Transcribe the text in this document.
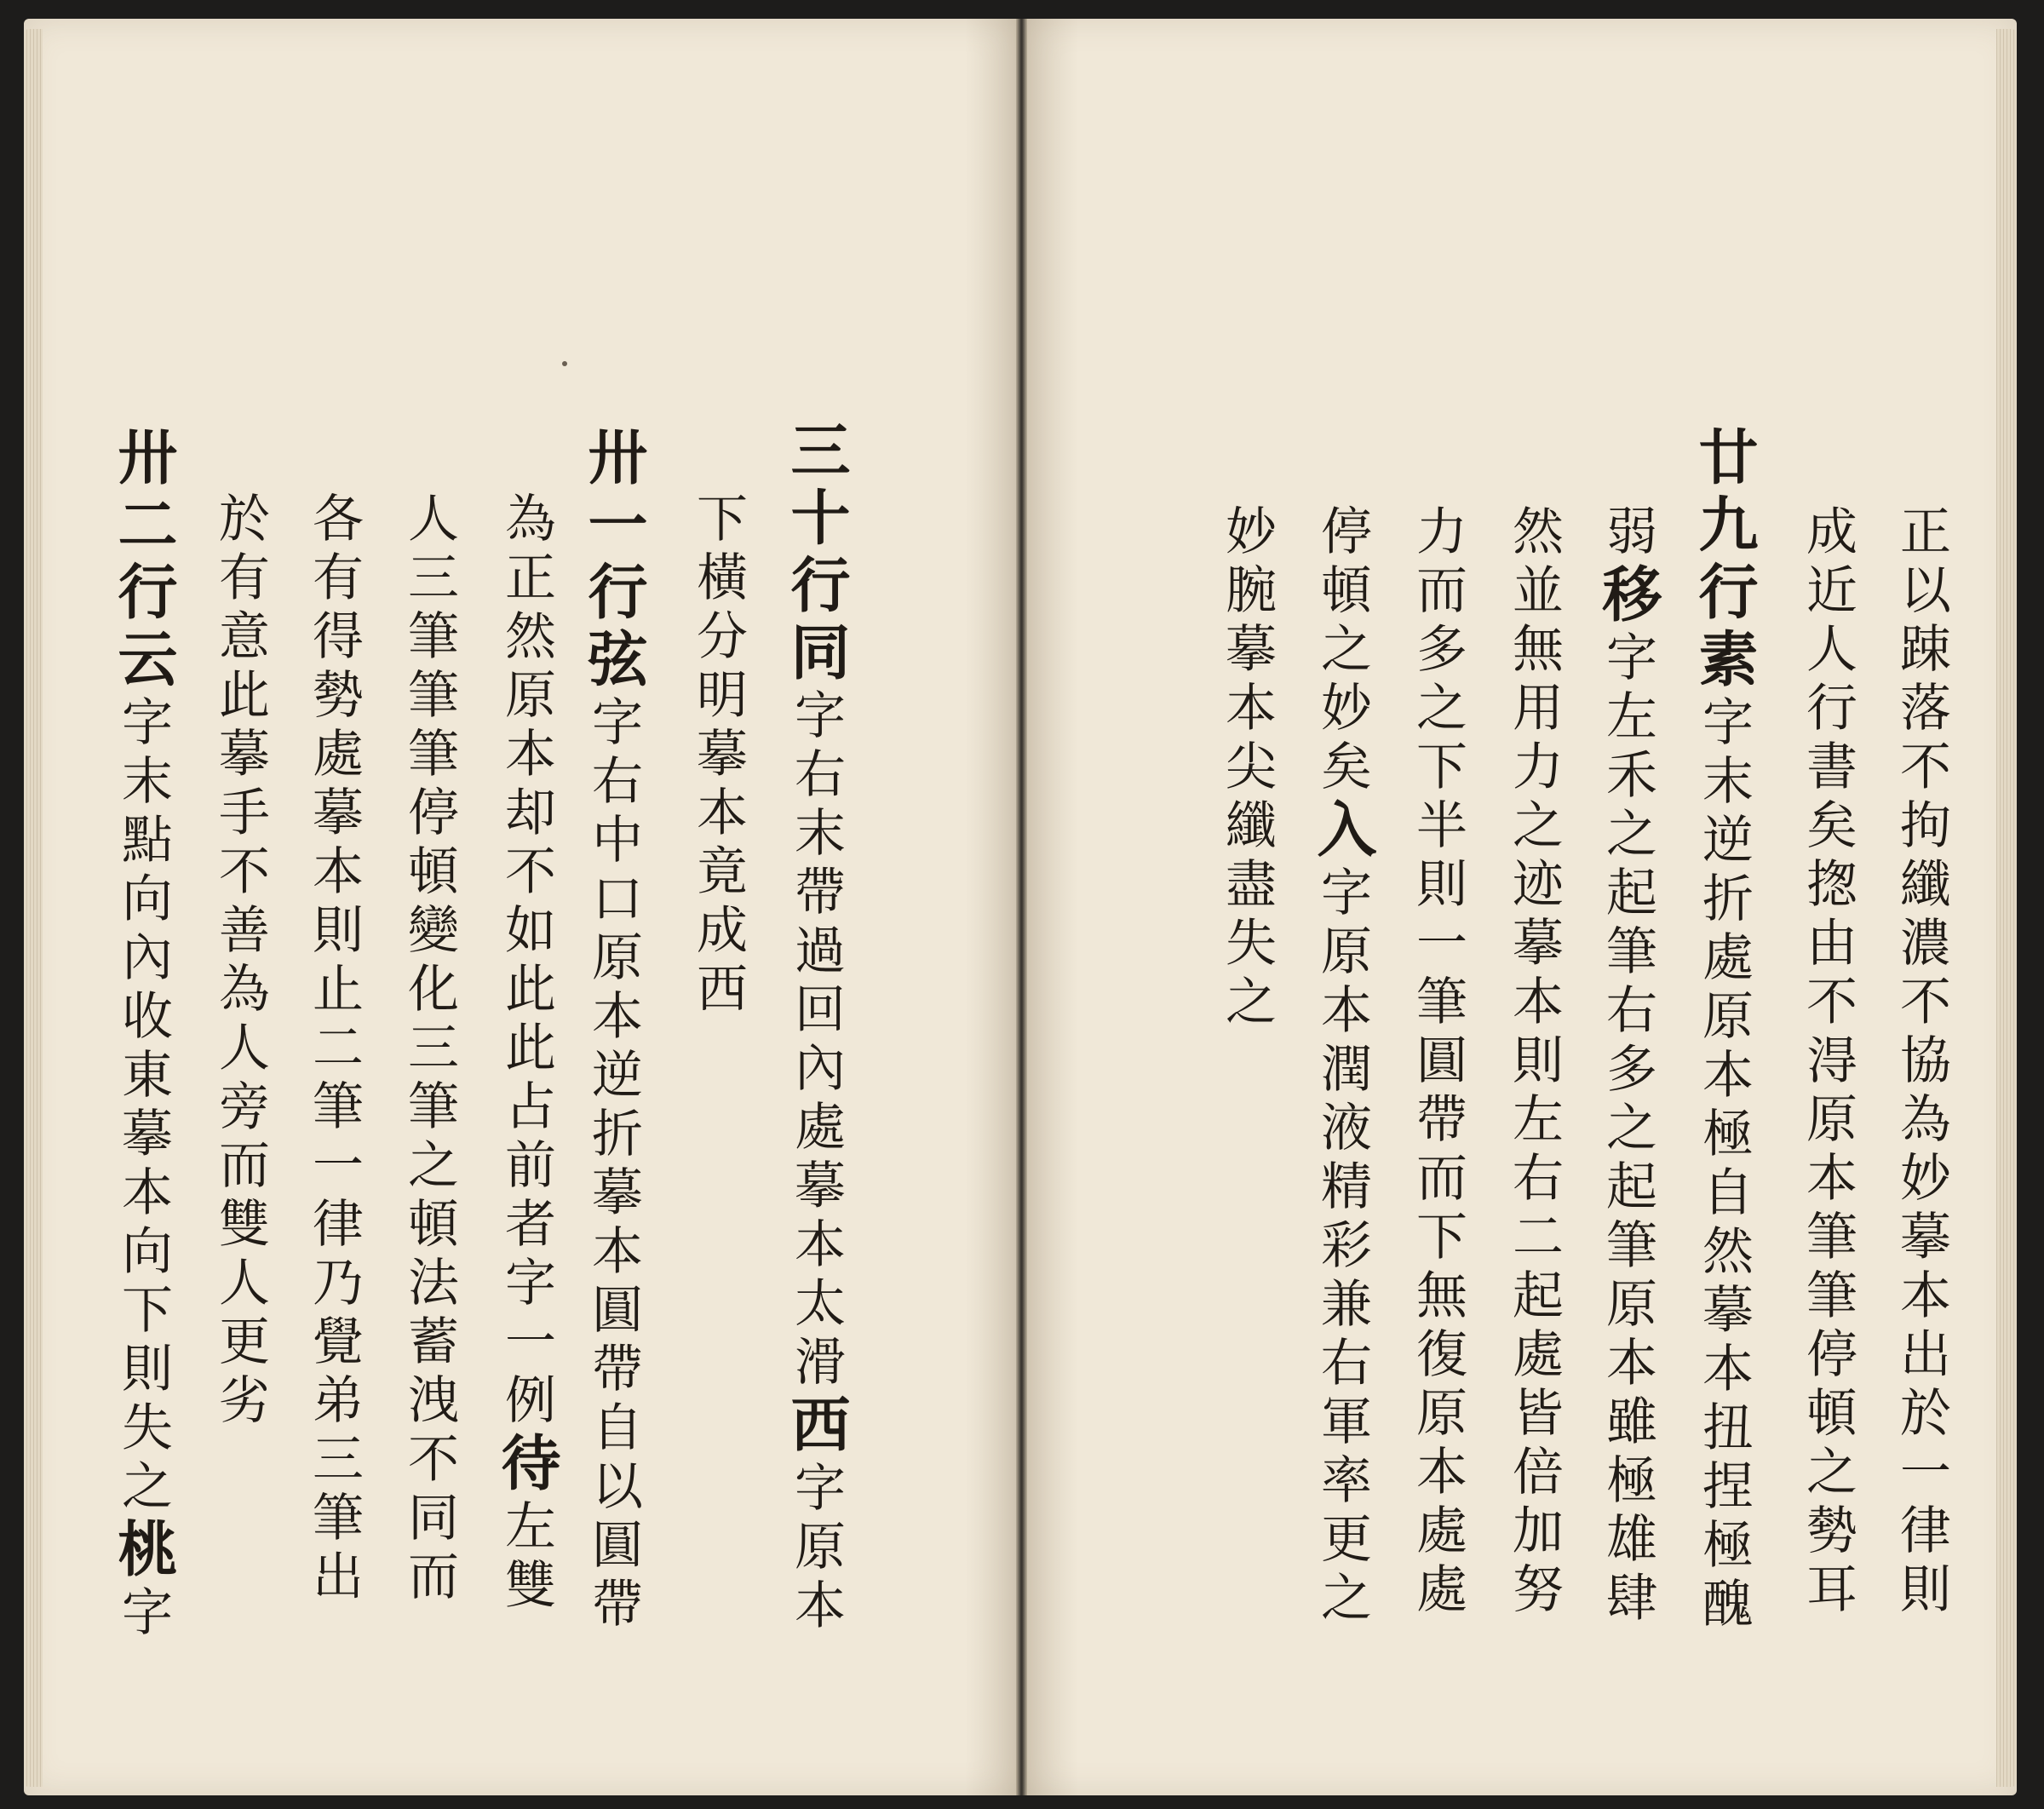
三十行同字右末帶過回內處摹本太滑西字原本
下橫分明摹本竟成西
卅一行弦字右中口原本逆折摹本圓帶自以圓帶
為正然原本却不如此此占前者字一例待左雙
人三筆筆筆停頓變化三筆之頓法蓄洩不同而
各有得勢處摹本則止二筆一律乃覺弟三筆出
於有意此摹手不善為人旁而雙人更劣
卅二行云字末點向內收東摹本向下則失之桃字	正以踈落不拘纖濃不協為妙摹本出於一律則
成近人行書矣揔由不淂原本筆筆停頓之勢耳
廿九行素字末逆折處原本極自然摹本扭捏極醜
弱移字左禾之起筆右多之起筆原本雖極雄肆
然並無用力之迹摹本則左右二起處皆倍加努
力而多之下半則一筆圓帶而下無復原本處處
停頓之妙矣入字原本潤液精彩兼右軍率更之
妙腕摹本尖纖盡失之
